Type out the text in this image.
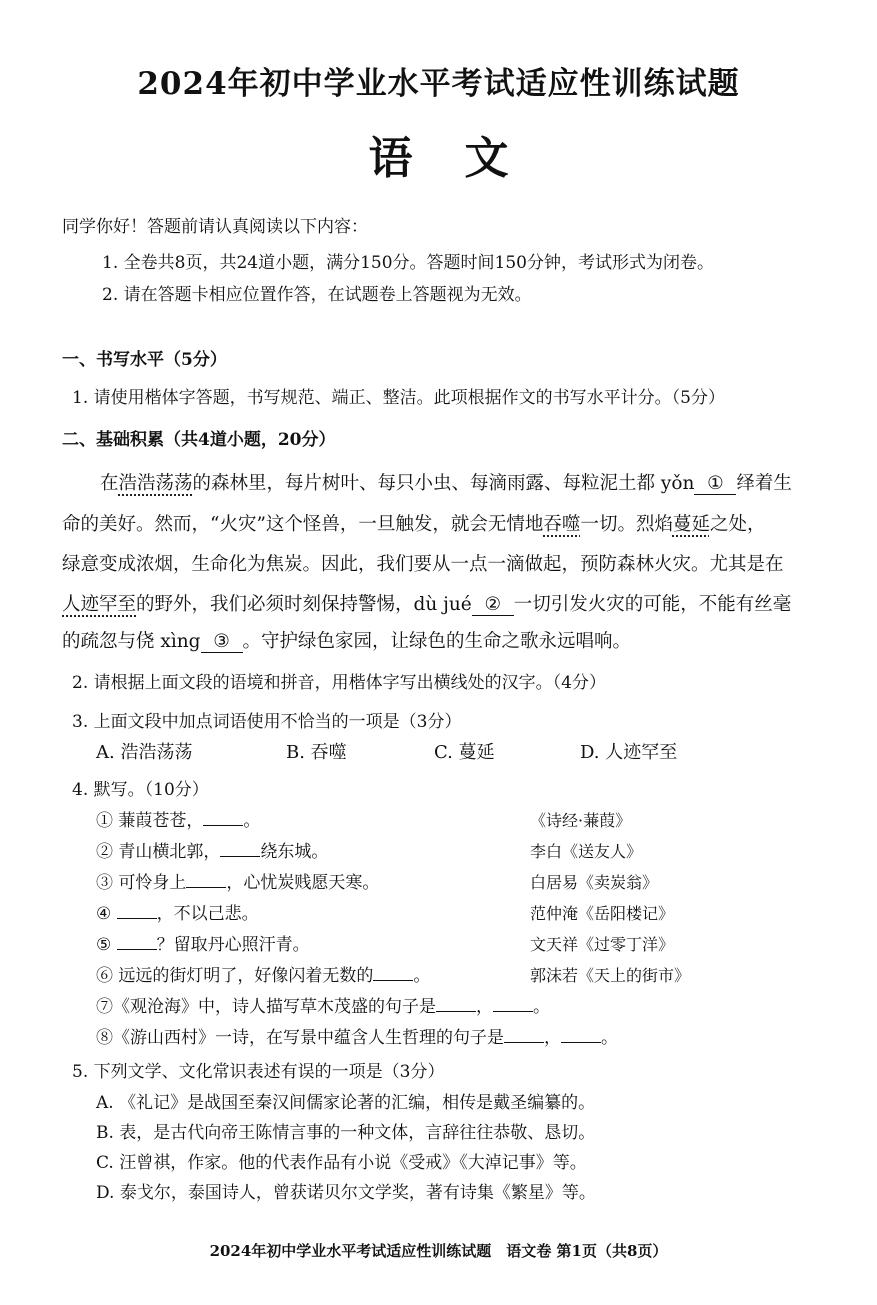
2024年初中学业水平考试适应性训练试题
语文
同学你好！答题前请认真阅读以下内容：
1. 全卷共8页，共24道小题，满分150分。答题时间150分钟，考试形式为闭卷。
2. 请在答题卡相应位置作答，在试题卷上答题视为无效。
一、书写水平（5分）
1. 请使用楷体字答题，书写规范、端正、整洁。此项根据作文的书写水平计分。（5分）
二、基础积累（共4道小题，20分）
在浩浩荡荡的森林里，每片树叶、每只小虫、每滴雨露、每粒泥土都 yǒn ① 绎着生
命的美好。然而，“火灾”这个怪兽，一旦触发，就会无情地吞噬一切。烈焰蔓延之处，
绿意变成浓烟，生命化为焦炭。因此，我们要从一点一滴做起，预防森林火灾。尤其是在
人迹罕至的野外，我们必须时刻保持警惕，dù jué ② 一切引发火灾的可能，不能有丝毫
的疏忽与侥 xìng ③ 。守护绿色家园，让绿色的生命之歌永远唱响。
2. 请根据上面文段的语境和拼音，用楷体字写出横线处的汉字。（4分）
3. 上面文段中加点词语使用不恰当的一项是（3分）
A. 浩浩荡荡	B. 吞噬	C. 蔓延	D. 人迹罕至
4. 默写。（10分）
① 蒹葭苍苍， 。	《诗经·蒹葭》
② 青山横北郭， 绕东城。	李白《送友人》
③ 可怜身上 ，心忧炭贱愿天寒。	白居易《卖炭翁》
④	，不以己悲。	范仲淹《岳阳楼记》
⑤	？留取丹心照汗青。	文天祥《过零丁洋》
⑥ 远远的街灯明了，好像闪着无数的 。	郭沫若《天上的街市》
⑦《观沧海》中，诗人描写草木茂盛的句子是 ， 。
⑧《游山西村》一诗，在写景中蕴含人生哲理的句子是 ， 。
5. 下列文学、文化常识表述有误的一项是（3分）
A. 《礼记》是战国至秦汉间儒家论著的汇编，相传是戴圣编纂的。
B. 表，是古代向帝王陈情言事的一种文体，言辞往往恭敬、恳切。
C. 汪曾祺，作家。他的代表作品有小说《受戒》《大淖记事》等。
D. 泰戈尔，泰国诗人，曾获诺贝尔文学奖，著有诗集《繁星》等。
2024年初中学业水平考试适应性训练试题　语文卷 第1页（共8页）
